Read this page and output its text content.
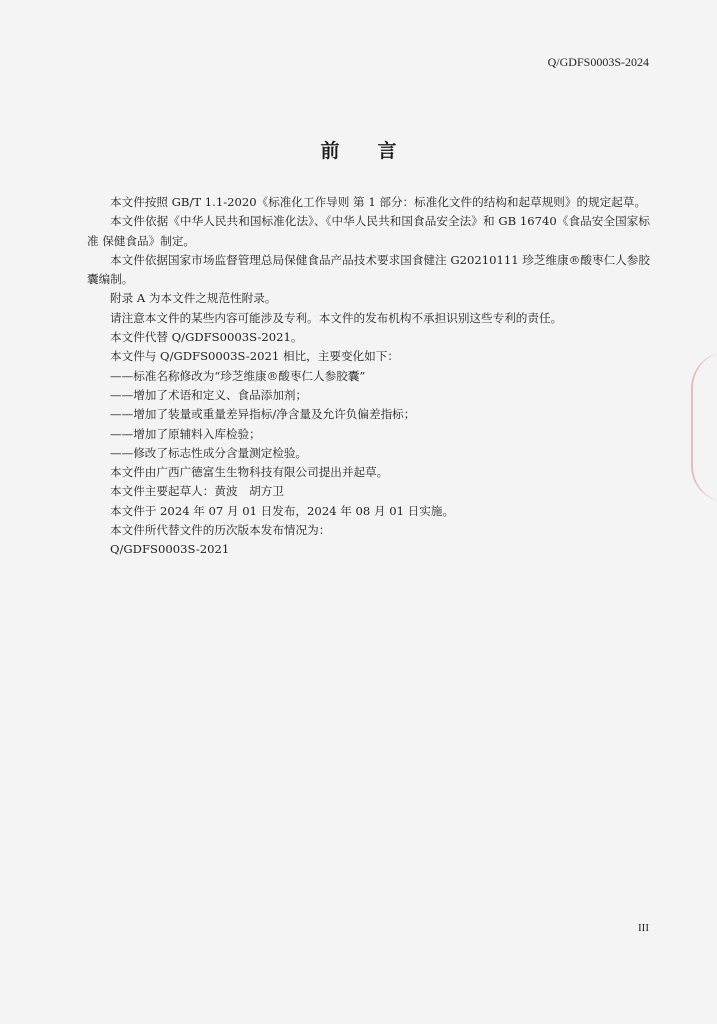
Q/GDFS0003S-2024
前 言

本文件按照 GB/T 1.1-2020《标准化工作导则 第 1 部分：标准化文件的结构和起草规则》的规定起草。

本文件依据《中华人民共和国标准化法》、《中华人民共和国食品安全法》和 GB 16740《食品安全国家标准 保健食品》制定。

本文件依据国家市场监督管理总局保健食品产品技术要求国食健注 G20210111 珍芝维康®酸枣仁人参胶囊编制。

附录 A 为本文件之规范性附录。

请注意本文件的某些内容可能涉及专利。本文件的发布机构不承担识别这些专利的责任。

本文件代替 Q/GDFS0003S-2021。

本文件与 Q/GDFS0003S-2021 相比，主要变化如下：

——标准名称修改为“珍芝维康®酸枣仁人参胶囊”

——增加了术语和定义、食品添加剂；

——增加了装量或重量差异指标/净含量及允许负偏差指标；

——增加了原辅料入库检验；

——修改了标志性成分含量测定检验。

本文件由广西广德富生生物科技有限公司提出并起草。

本文件主要起草人：黄波　胡方卫

本文件于 2024 年 07 月 01 日发布，2024 年 08 月 01 日实施。

本文件所代替文件的历次版本发布情况为：

Q/GDFS0003S-2021

III
